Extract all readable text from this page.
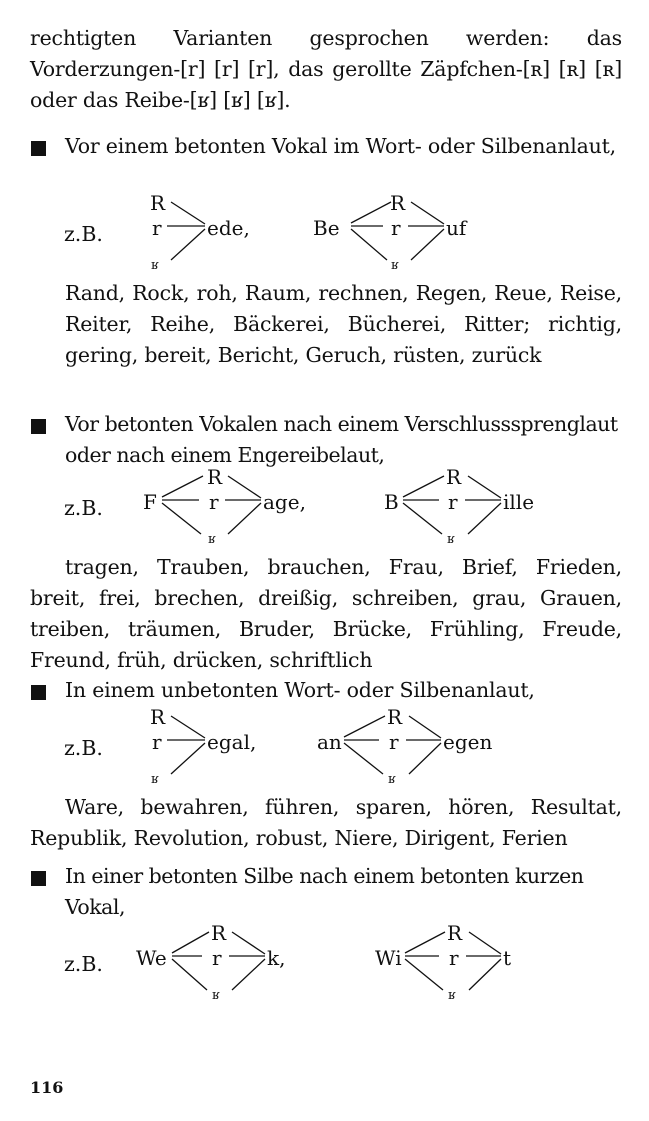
rechtigten Varianten gesprochen werden: das Vorderzungen-[r] [r] [r], das gerollte Zäpfchen-[ʀ] [ʀ] [ʀ] oder das Reibe-[ʁ] [ʁ] [ʁ].

Vor einem betonten Vokal im Wort- oder Silbenanlaut,

z.B.
R
r
ʁ
ede,	Be
R
r
ʁ
uf

Rand, Rock, roh, Raum, rechnen, Regen, Reue, Reise, Reiter, Reihe, Bäckerei, Bücherei, Ritter; richtig, gering, bereit, Bericht, Geruch, rüsten, zurück

Vor betonten Vokalen nach einem Verschlusssprenglaut oder nach einem Engereibelaut,

z.B. F
R
r
ʁ
age,	B
R
r
ʁ
ille

tragen, Trauben, brauchen, Frau, Brief, Frieden, breit, frei, brechen, dreißig, schreiben, grau, Grauen, treiben, träumen, Bruder, Brücke, Frühling, Freude, Freund, früh, drücken, schriftlich

In einem unbetonten Wort- oder Silbenanlaut,

z.B.
R
r
ʁ
egal,	an
R
r
ʁ
egen

Ware, bewahren, führen, sparen, hören, Resultat, Republik, Revolution, robust, Niere, Dirigent, Ferien

In einer betonten Silbe nach einem betonten kurzen Vokal,

z.B. We
R
r
ʁ
k,	Wi
R
r
ʁ
t
116
